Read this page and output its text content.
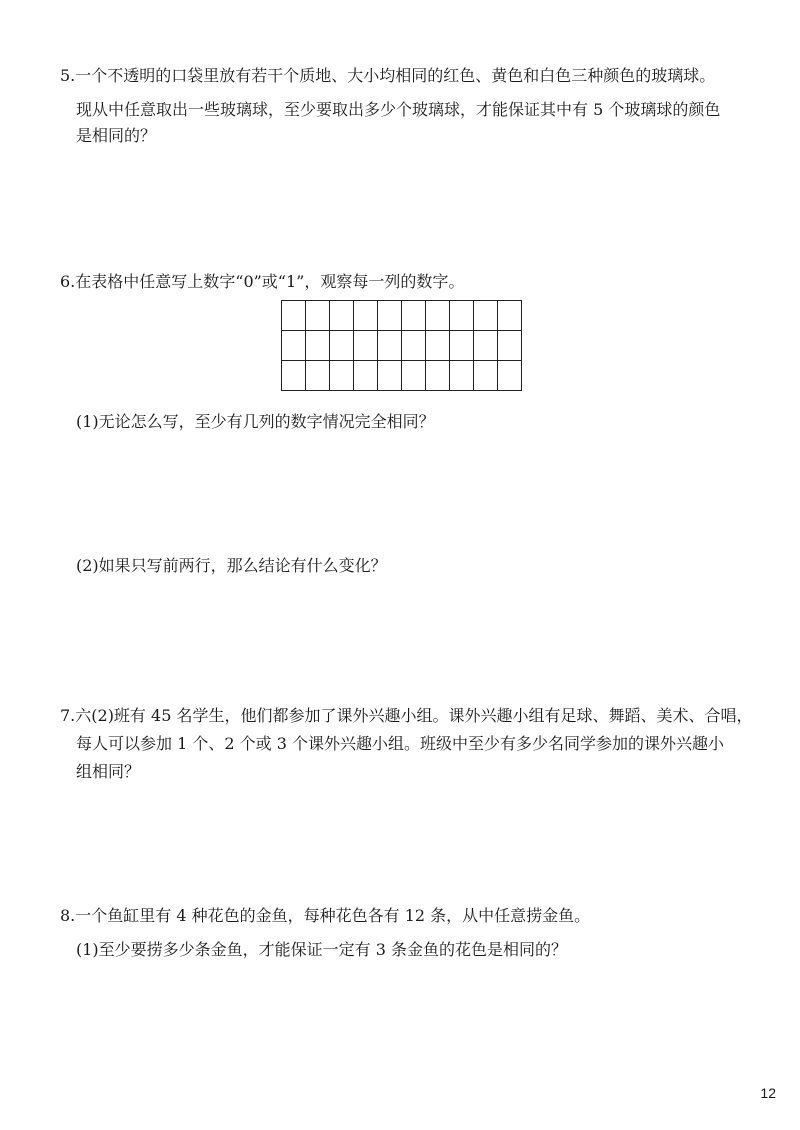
5.一个不透明的口袋里放有若干个质地、大小均相同的红色、黄色和白色三种颜色的玻璃球。
现从中任意取出一些玻璃球，至少要取出多少个玻璃球，才能保证其中有 5 个玻璃球的颜色
是相同的？
6.在表格中任意写上数字“0”或“1”，观察每一列的数字。

(1)无论怎么写，至少有几列的数字情况完全相同？
(2)如果只写前两行，那么结论有什么变化？
7.六(2)班有 45 名学生，他们都参加了课外兴趣小组。课外兴趣小组有足球、舞蹈、美术、合唱，
每人可以参加 1 个、2 个或 3 个课外兴趣小组。班级中至少有多少名同学参加的课外兴趣小
组相同？
8.一个鱼缸里有 4 种花色的金鱼，每种花色各有 12 条，从中任意捞金鱼。
(1)至少要捞多少条金鱼，才能保证一定有 3 条金鱼的花色是相同的？
12
